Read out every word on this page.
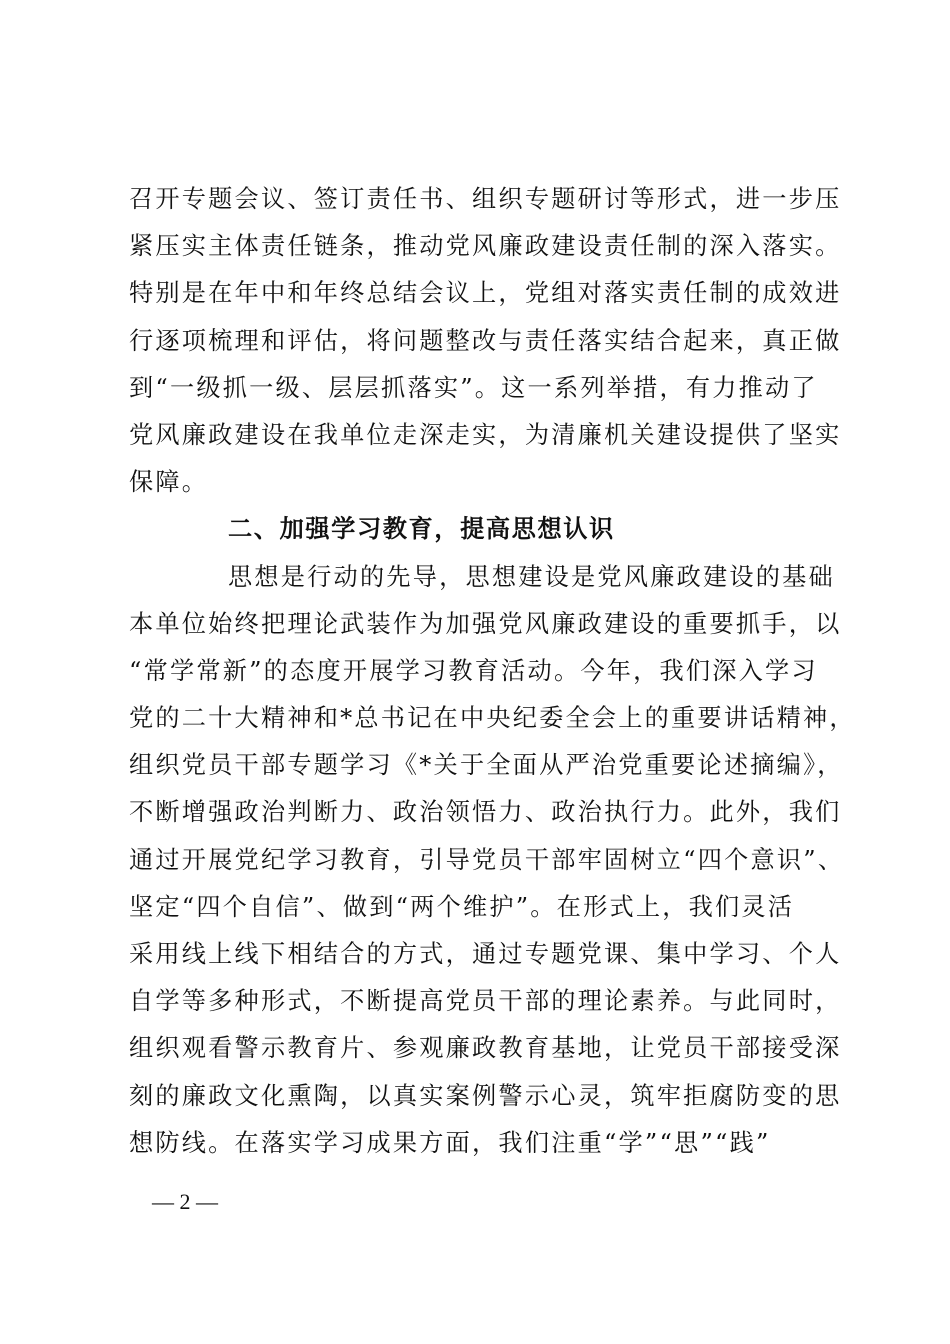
召开专题会议、签订责任书、组织专题研讨等形式，进一步压
紧压实主体责任链条，推动党风廉政建设责任制的深入落实。
特别是在年中和年终总结会议上，党组对落实责任制的成效进
行逐项梳理和评估，将问题整改与责任落实结合起来，真正做
到“一级抓一级、层层抓落实”。这一系列举措，有力推动了
党风廉政建设在我单位走深走实，为清廉机关建设提供了坚实
保障。
二、加强学习教育，提高思想认识
思想是行动的先导，思想建设是党风廉政建设的基础
本单位始终把理论武装作为加强党风廉政建设的重要抓手，以
“常学常新”的态度开展学习教育活动。今年，我们深入学习
党的二十大精神和*总书记在中央纪委全会上的重要讲话精神，
组织党员干部专题学习《*关于全面从严治党重要论述摘编》，
不断增强政治判断力、政治领悟力、政治执行力。此外，我们
通过开展党纪学习教育，引导党员干部牢固树立“四个意识”、
坚定“四个自信”、做到“两个维护”。在形式上，我们灵活
采用线上线下相结合的方式，通过专题党课、集中学习、个人
自学等多种形式，不断提高党员干部的理论素养。与此同时，
组织观看警示教育片、参观廉政教育基地，让党员干部接受深
刻的廉政文化熏陶，以真实案例警示心灵，筑牢拒腐防变的思
想防线。在落实学习成果方面，我们注重“学”“思”“践”
— 2 —
